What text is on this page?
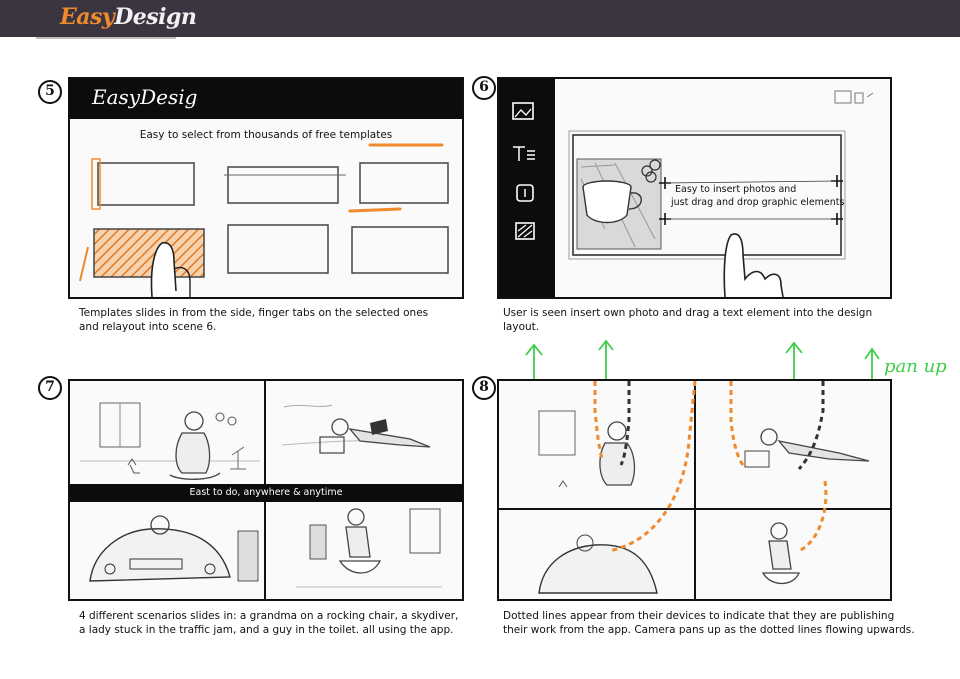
EasyDesign
5	EasyDesig
Easy to select from thousands of free templates
Templates slides in from the side, finger tabs on the selected ones
and relayout into scene 6.
6
Easy to insert photos and
just drag and drop graphic elements
User is seen insert own photo and drag a text element into the design
layout.
7
East to do, anywhere & anytime
4 different scenarios slides in: a grandma on a rocking chair, a skydiver,
a lady stuck in the traffic jam, and a guy in the toilet. all using the app.
8
pan up
Dotted lines appear from their devices to indicate that they are publishing
their work from the app. Camera pans up as the dotted lines flowing upwards.
